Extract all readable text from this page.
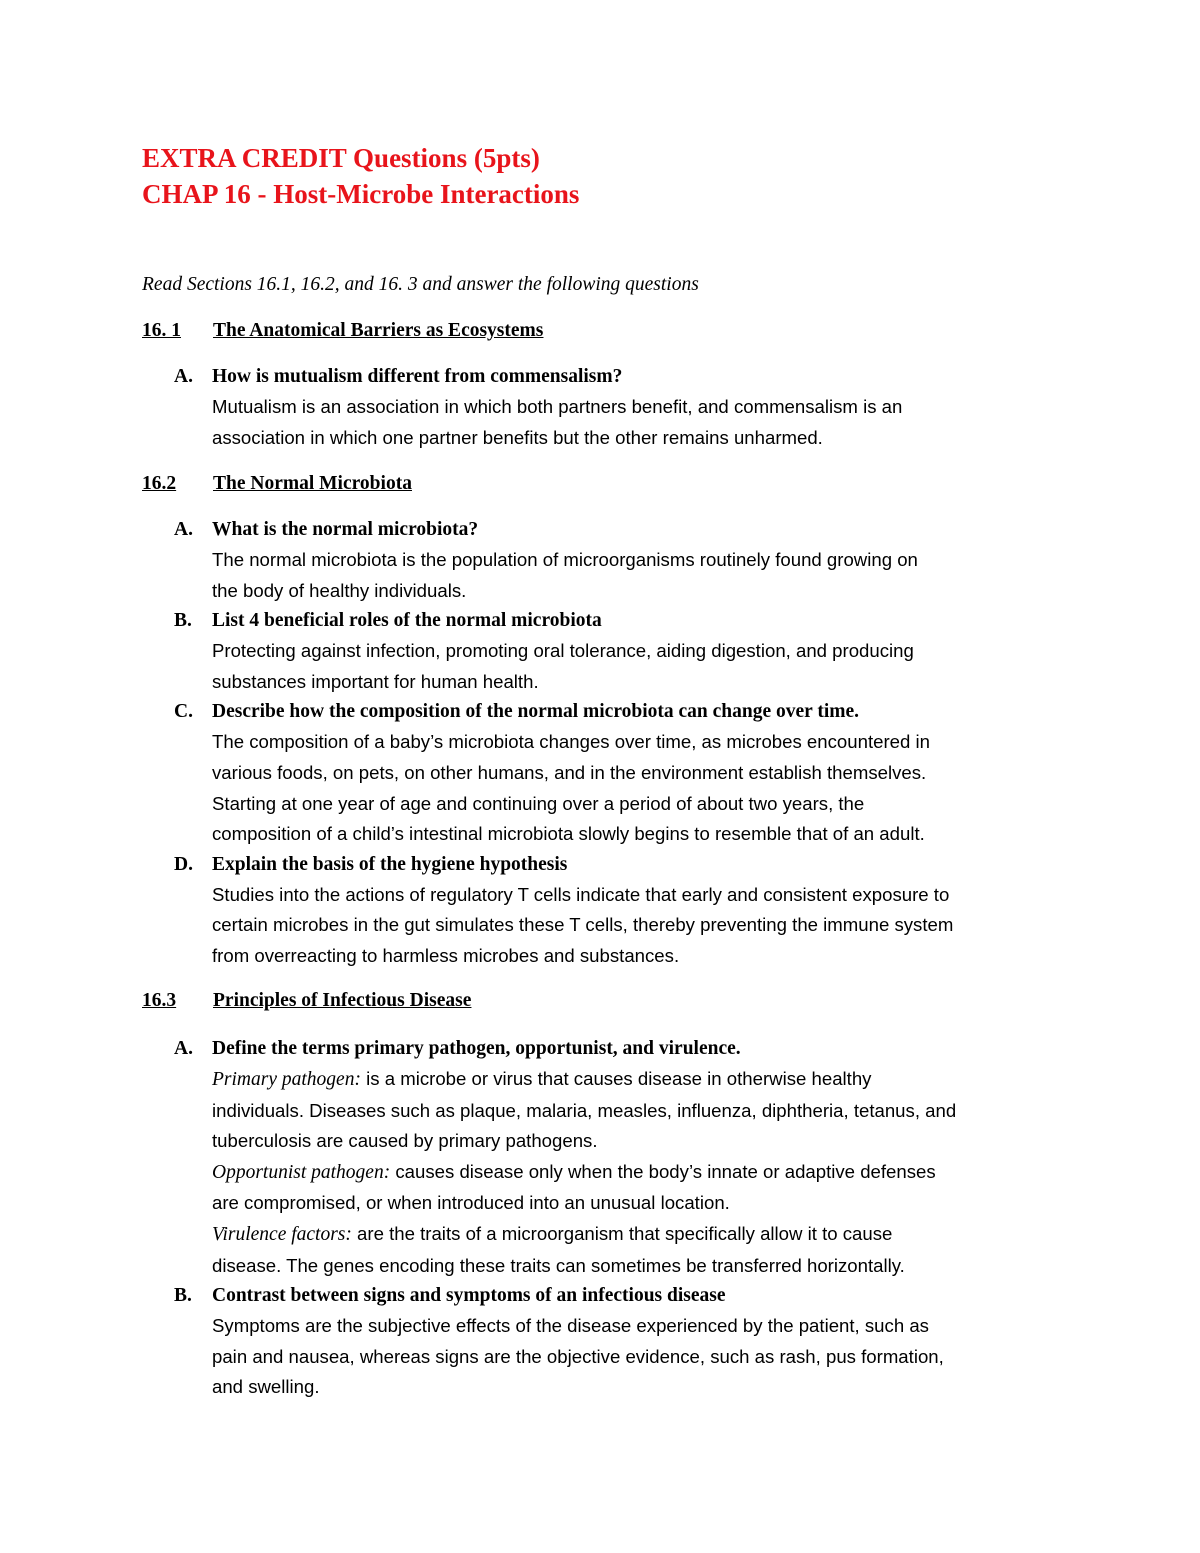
EXTRA CREDIT Questions (5pts)
CHAP 16 - Host-Microbe Interactions

Read Sections 16.1, 16.2, and 16. 3 and answer the following questions

16. 1 The Anatomical Barriers as Ecosystems
A. How is mutualism different from commensalism?

Mutualism is an association in which both partners benefit, and commensalism is an

association in which one partner benefits but the other remains unharmed.

16.2 The Normal Microbiota
A. What is the normal microbiota?

The normal microbiota is the population of microorganisms routinely found growing on

the body of healthy individuals.

B. List 4 beneficial roles of the normal microbiota

Protecting against infection, promoting oral tolerance, aiding digestion, and producing

substances important for human health.

C. Describe how the composition of the normal microbiota can change over time.

The composition of a baby’s microbiota changes over time, as microbes encountered in

various foods, on pets, on other humans, and in the environment establish themselves.

Starting at one year of age and continuing over a period of about two years, the

composition of a child’s intestinal microbiota slowly begins to resemble that of an adult.

D. Explain the basis of the hygiene hypothesis

Studies into the actions of regulatory T cells indicate that early and consistent exposure to

certain microbes in the gut simulates these T cells, thereby preventing the immune system

from overreacting to harmless microbes and substances.

16.3 Principles of Infectious Disease
A. Define the terms primary pathogen, opportunist, and virulence.

Primary pathogen: is a microbe or virus that causes disease in otherwise healthy

individuals. Diseases such as plaque, malaria, measles, influenza, diphtheria, tetanus, and

tuberculosis are caused by primary pathogens.

Opportunist pathogen: causes disease only when the body’s innate or adaptive defenses

are compromised, or when introduced into an unusual location.

Virulence factors: are the traits of a microorganism that specifically allow it to cause

disease. The genes encoding these traits can sometimes be transferred horizontally.

B. Contrast between signs and symptoms of an infectious disease

Symptoms are the subjective effects of the disease experienced by the patient, such as

pain and nausea, whereas signs are the objective evidence, such as rash, pus formation,

and swelling.
